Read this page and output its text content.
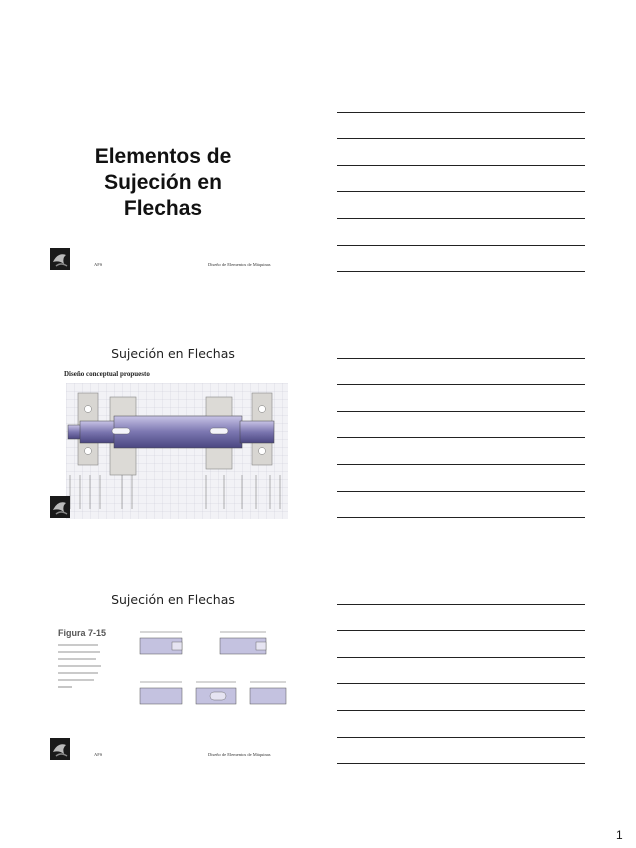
Elementos de
Sujeción en
Flechas
AFS	Diseño de Elementos de Máquinas
Sujeción en Flechas
Diseño conceptual propuesto
Sujeción en Flechas
Figura 7-15
AFS	Diseño de Elementos de Máquinas
1
